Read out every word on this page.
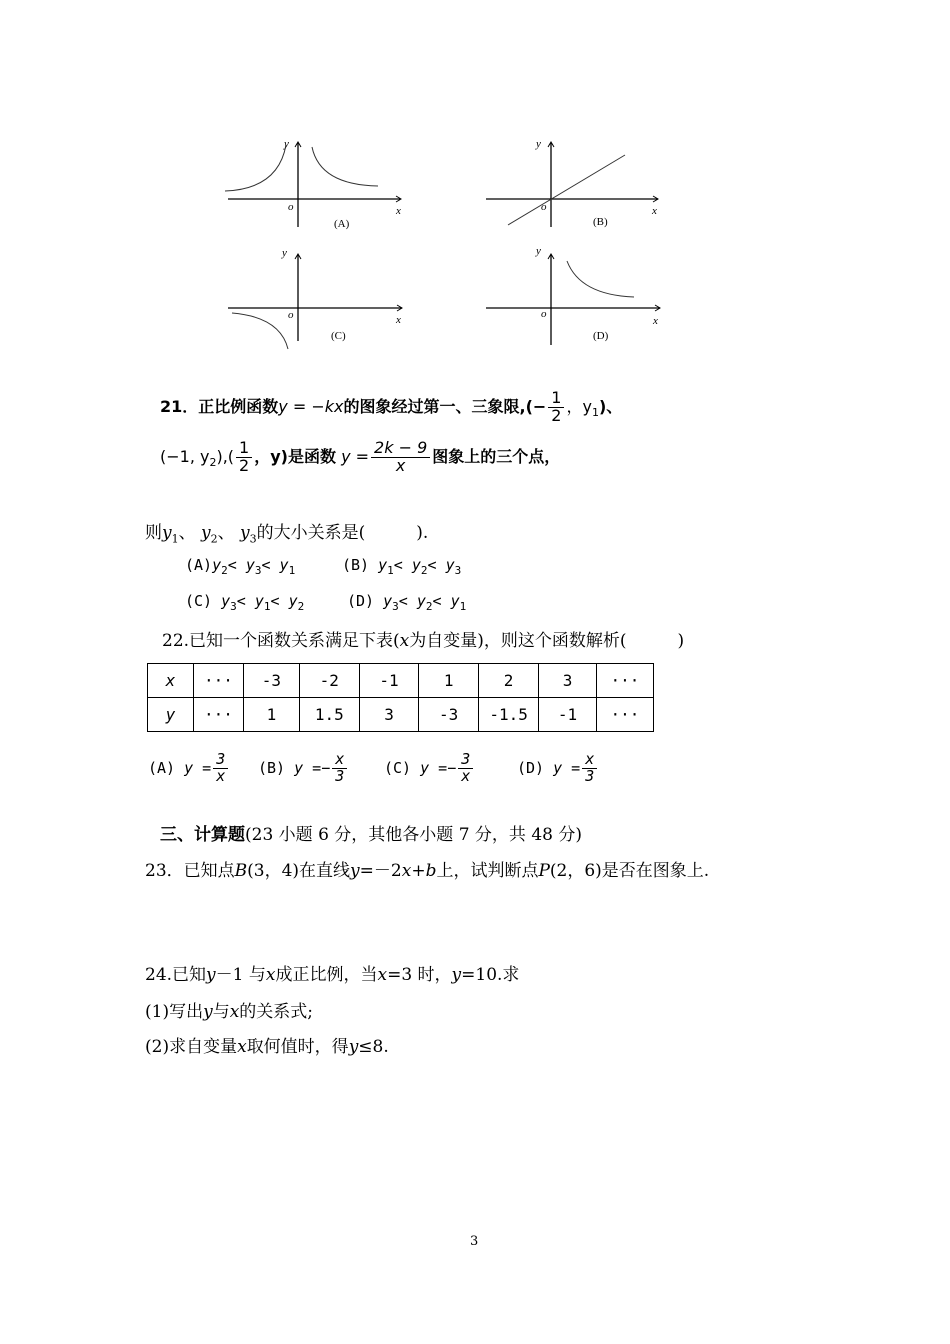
y
o	x
(A)
y
o	x
(B)
y
o	x
(C)
y
o
x
(D)
21．正比例函数y = −kx的图象经过第一、三象限,(− $\frac{1}{2}$ ，$y_1$)、
(−1, $y_2),( \frac{1}{2}$ ，y)是函数 $y = \frac{2k - 9}{x}$ 图象上的三个点，
则$y_1$、 $y_2$、 $y_3$的大小关系是(　　　).
$(A)y_2< y_3< y_1$	(B) $y_1< y_2< y_3$
(C) $y_3< y_1< y_2$	(D) $y_3< y_2< y_1$
22.已知一个函数关系满足下表(x为自变量)，则这个函数解析(　　　)
x	···	-3	-2	-1	1	2	3	···
y	···	1	1.5	3	-3	-1.5	-1	···
(A) $y = \frac{3}{x} (B) y =- \frac{x}{3} (C) y =- \frac{3}{x}$	(D) $y = \frac{x}{3}$
三、计算题(23 小题 6 分，其他各小题 7 分，共 48 分)
23．已知点B(3，4)在直线y=－2x+b上，试判断点P(2，6)是否在图象上.
24.已知y－1 与x成正比例，当x=3 时，y=10.求
(1)写出y与x的关系式;
(2)求自变量x取何值时，得y≤8.
3
